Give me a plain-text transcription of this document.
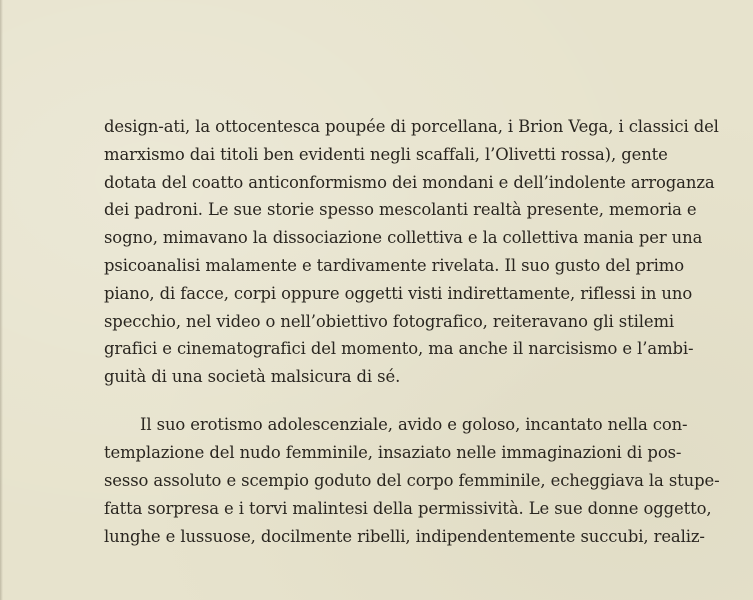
design-ati, la ottocentesca poupée di porcellana, i Brion Vega, i classici del
marxismo dai titoli ben evidenti negli scaffali, l’Olivetti rossa), gente
dotata del coatto anticonformismo dei mondani e dell’indolente arroganza
dei padroni. Le sue storie spesso mescolanti realtà presente, memoria e
sogno, mimavano la dissociazione collettiva e la collettiva mania per una
psicoanalisi malamente e tardivamente rivelata. Il suo gusto del primo
piano, di facce, corpi oppure oggetti visti indirettamente, riflessi in uno
specchio, nel video o nell’obiettivo fotografico, reiteravano gli stilemi
grafici e cinematografici del momento, ma anche il narcisismo e l’ambi-
guità di una società malsicura di sé.
Il suo erotismo adolescenziale, avido e goloso, incantato nella con-
templazione del nudo femminile, insaziato nelle immaginazioni di pos-
sesso assoluto e scempio goduto del corpo femminile, echeggiava la stupe-
fatta sorpresa e i torvi malintesi della permissività. Le sue donne oggetto,
lunghe e lussuose, docilmente ribelli, indipendentemente succubi, realiz-
